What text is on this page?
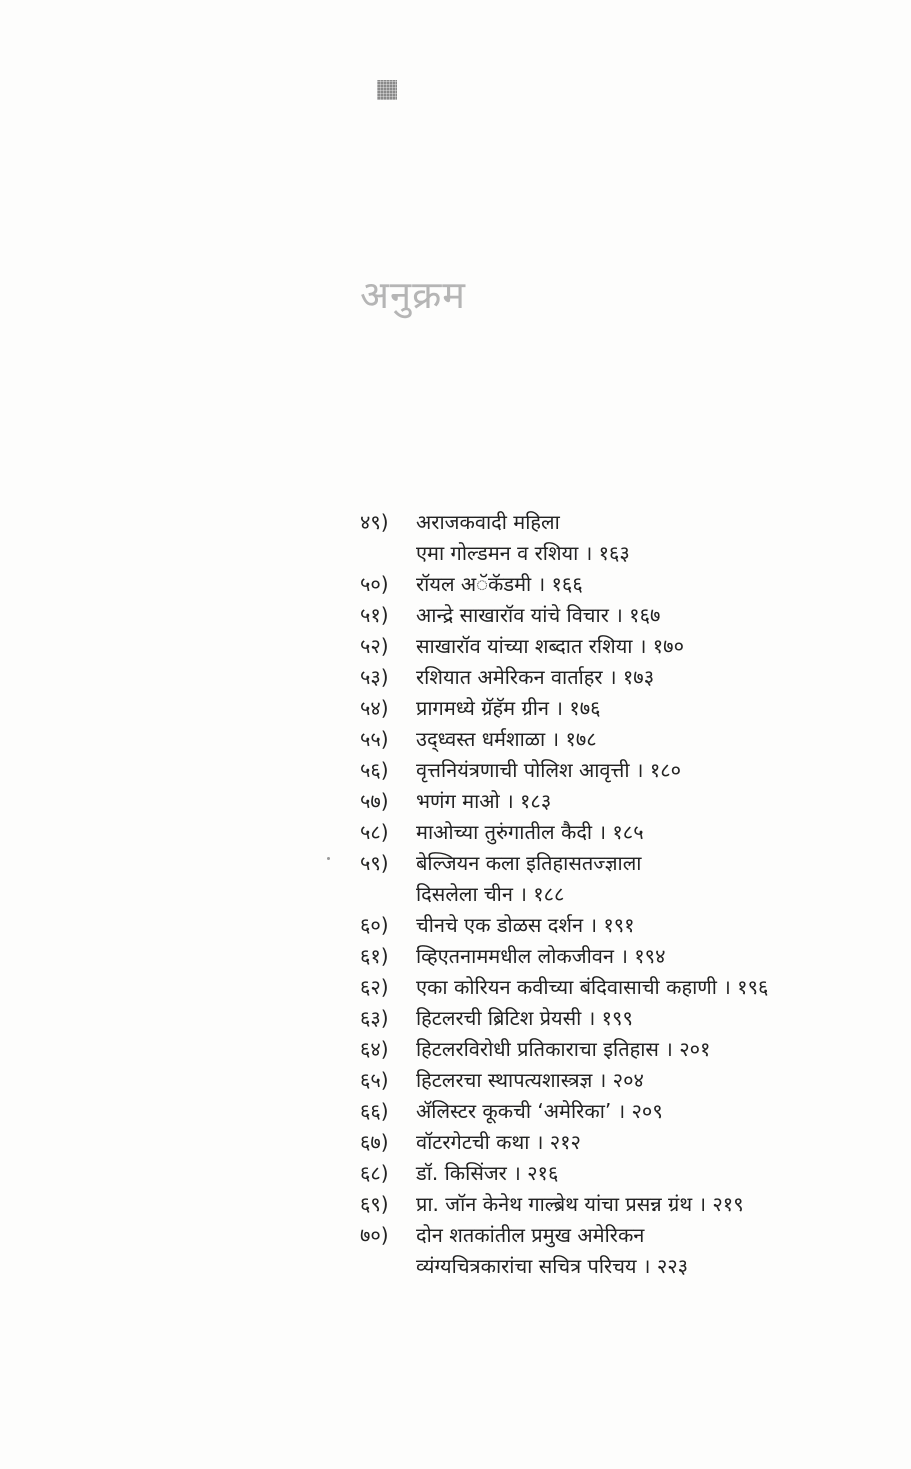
अनुक्रम
४९) अराजकवादी महिला
एमा गोल्डमन व रशिया । १६३
५०) रॉयल अॅकॅडमी । १६६
५१) आन्द्रे साखारॉव यांचे विचार । १६७
५२) साखारॉव यांच्या शब्दात रशिया । १७०
५३) रशियात अमेरिकन वार्ताहर । १७३
५४) प्रागमध्ये ग्रॅहॅम ग्रीन । १७६
५५) उद्‌ध्वस्त धर्मशाळा । १७८
५६) वृत्तनियंत्रणाची पोलिश आवृत्ती । १८०
५७) भणंग माओ । १८३
५८) माओच्या तुरुंगातील कैदी । १८५
५९) बेल्जियन कला इतिहासतज्ज्ञाला
दिसलेला चीन । १८८
६०) चीनचे एक डोळस दर्शन । १९१
६१) व्हिएतनाममधील लोकजीवन । १९४
६२) एका कोरियन कवीच्या बंदिवासाची कहाणी । १९६
६३) हिटलरची ब्रिटिश प्रेयसी । १९९
६४) हिटलरविरोधी प्रतिकाराचा इतिहास । २०१
६५) हिटलरचा स्थापत्यशास्त्रज्ञ । २०४
६६) ॲलिस्टर कूकची ‘अमेरिका’ । २०९
६७) वॉटरगेटची कथा । २१२
६८) डॉ. किसिंजर । २१६
६९) प्रा. जॉन केनेथ गाल्ब्रेथ यांचा प्रसन्न ग्रंथ । २१९
७०) दोन शतकांतील प्रमुख अमेरिकन
व्यंग्यचित्रकारांचा सचित्र परिचय । २२३
